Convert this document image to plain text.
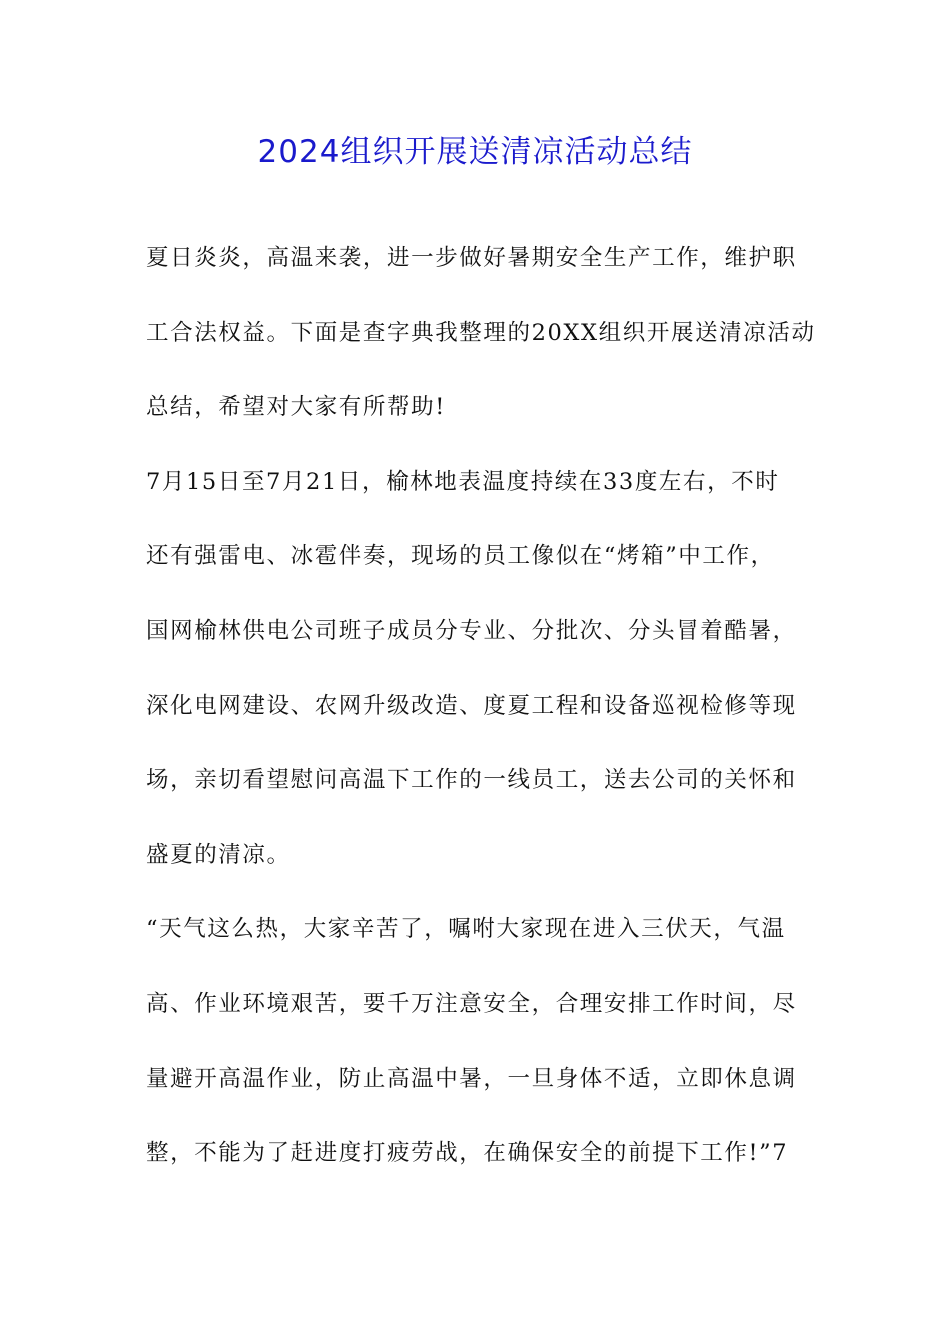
2024组织开展送清凉活动总结
夏日炎炎，高温来袭，进一步做好暑期安全生产工作，维护职
工合法权益。下面是查字典我整理的20XX组织开展送清凉活动
总结，希望对大家有所帮助!
7月15日至7月21日，榆林地表温度持续在33度左右，不时
还有强雷电、冰雹伴奏，现场的员工像似在“烤箱”中工作，
国网榆林供电公司班子成员分专业、分批次、分头冒着酷暑，
深化电网建设、农网升级改造、度夏工程和设备巡视检修等现
场，亲切看望慰问高温下工作的一线员工，送去公司的关怀和
盛夏的清凉。
“天气这么热，大家辛苦了，嘱咐大家现在进入三伏天，气温
高、作业环境艰苦，要千万注意安全，合理安排工作时间，尽
量避开高温作业，防止高温中暑，一旦身体不适，立即休息调
整，不能为了赶进度打疲劳战，在确保安全的前提下工作!”7
